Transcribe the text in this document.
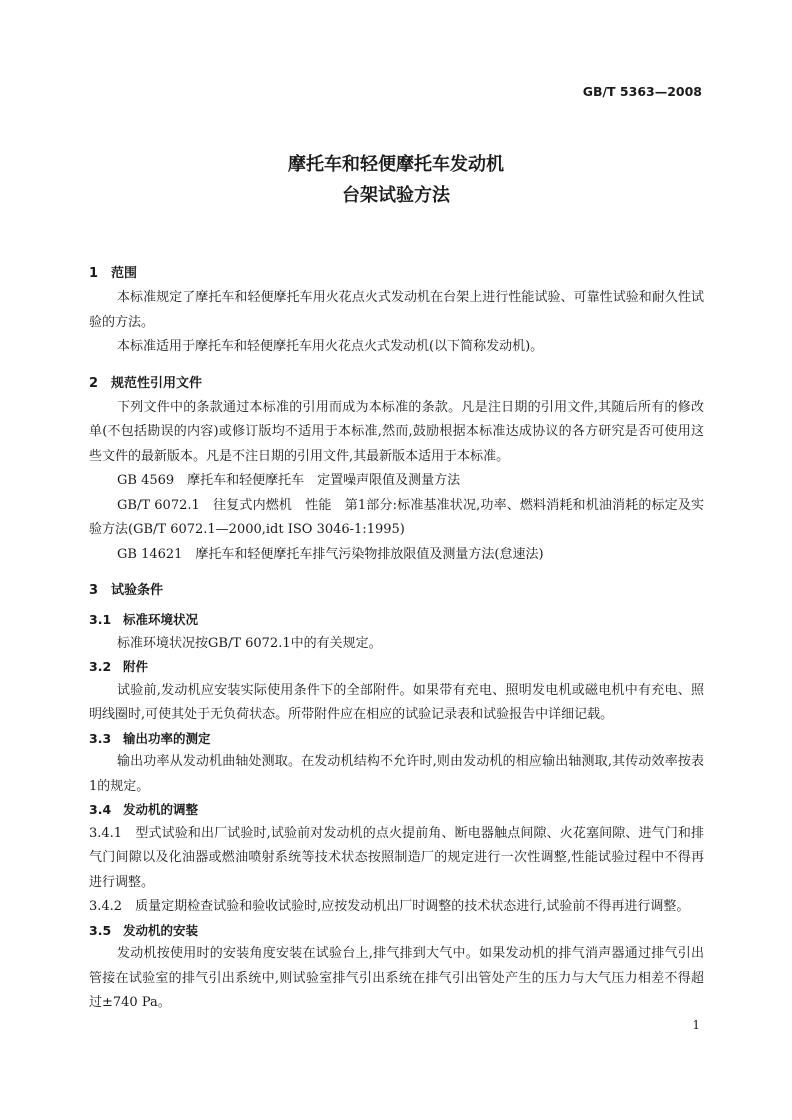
GB/T 5363—2008
摩托车和轻便摩托车发动机
台架试验方法
1 范围

本标准规定了摩托车和轻便摩托车用火花点火式发动机在台架上进行性能试验、可靠性试验和耐久性试验的方法。

本标准适用于摩托车和轻便摩托车用火花点火式发动机(以下简称发动机)。

2 规范性引用文件

下列文件中的条款通过本标准的引用而成为本标准的条款。凡是注日期的引用文件,其随后所有的修改单(不包括勘误的内容)或修订版均不适用于本标准,然而,鼓励根据本标准达成协议的各方研究是否可使用这些文件的最新版本。凡是不注日期的引用文件,其最新版本适用于本标准。

GB 4569　摩托车和轻便摩托车　定置噪声限值及测量方法

GB/T 6072.1　往复式内燃机　性能　第1部分:标准基准状况,功率、燃料消耗和机油消耗的标定及实验方法(GB/T 6072.1—2000,idt ISO 3046-1:1995)

GB 14621　摩托车和轻便摩托车排气污染物排放限值及测量方法(怠速法)

3 试验条件
3.1 标准环境状况

标准环境状况按GB/T 6072.1中的有关规定。

3.2 附件

试验前,发动机应安装实际使用条件下的全部附件。如果带有充电、照明发电机或磁电机中有充电、照明线圈时,可使其处于无负荷状态。所带附件应在相应的试验记录表和试验报告中详细记载。

3.3 输出功率的测定

输出功率从发动机曲轴处测取。在发动机结构不允许时,则由发动机的相应输出轴测取,其传动效率按表1的规定。

3.4 发动机的调整

3.4.1　型式试验和出厂试验时,试验前对发动机的点火提前角、断电器触点间隙、火花塞间隙、进气门和排气门间隙以及化油器或燃油喷射系统等技术状态按照制造厂的规定进行一次性调整,性能试验过程中不得再进行调整。

3.4.2　质量定期检查试验和验收试验时,应按发动机出厂时调整的技术状态进行,试验前不得再进行调整。

3.5 发动机的安装

发动机按使用时的安装角度安装在试验台上,排气排到大气中。如果发动机的排气消声器通过排气引出管接在试验室的排气引出系统中,则试验室排气引出系统在排气引出管处产生的压力与大气压力相差不得超过±740 Pa。

1
